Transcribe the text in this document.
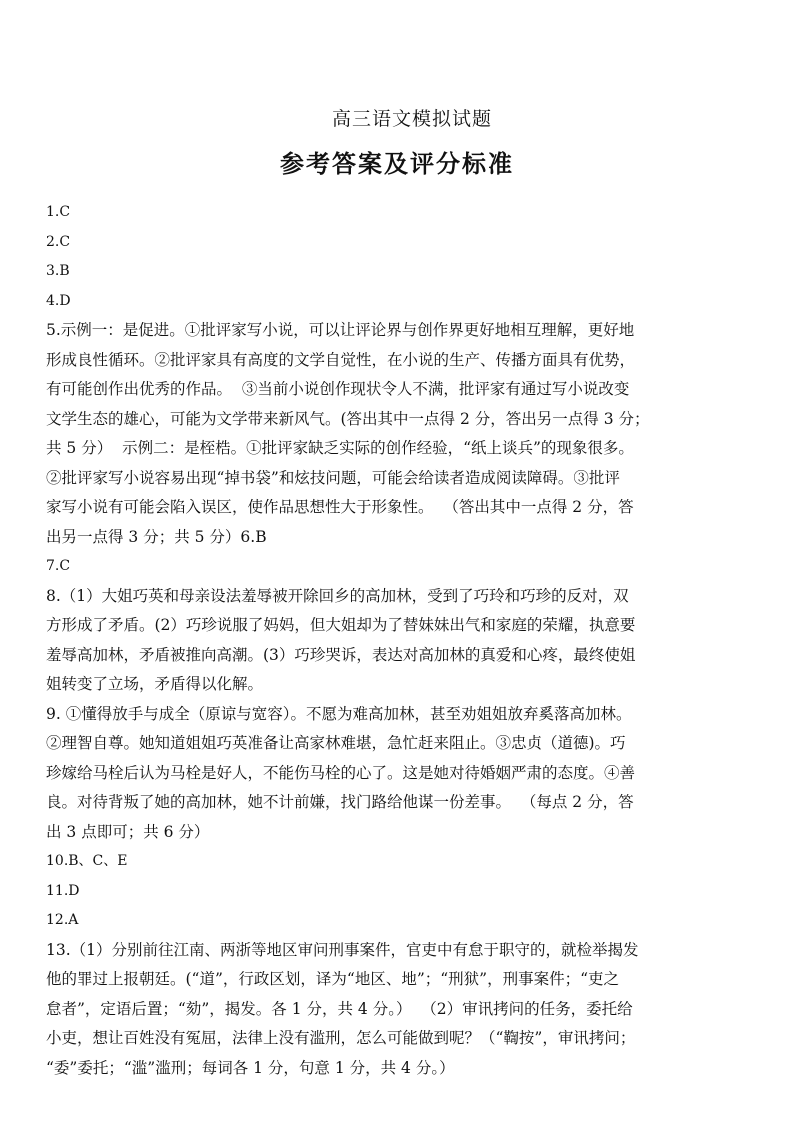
高三语文模拟试题
参考答案及评分标准
1.C
2.C
3.B
4.D
5.示例一：是促进。①批评家写小说，可以让评论界与创作界更好地相互理解，更好地
形成良性循环。②批评家具有高度的文学自觉性，在小说的生产、传播方面具有优势，
有可能创作出优秀的作品。  ③当前小说创作现状令人不满，批评家有通过写小说改变
文学生态的雄心，可能为文学带来新风气。(答出其中一点得 2 分，答出另一点得 3 分；
共 5 分）  示例二：是桎梏。①批评家缺乏实际的创作经验，“纸上谈兵”的现象很多。
②批评家写小说容易出现“掉书袋”和炫技问题，可能会给读者造成阅读障碍。③批评
家写小说有可能会陷入误区，使作品思想性大于形象性。  （答出其中一点得 2 分，答
出另一点得 3 分；共 5 分）6.B
7.C
8.（1）大姐巧英和母亲设法羞辱被开除回乡的高加林，受到了巧玲和巧珍的反对，双
方形成了矛盾。(2）巧珍说服了妈妈，但大姐却为了替妹妹出气和家庭的荣耀，执意要
羞辱高加林，矛盾被推向高潮。(3）巧珍哭诉，表达对高加林的真爱和心疼，最终使姐
姐转变了立场，矛盾得以化解。
9. ①懂得放手与成全（原谅与宽容）。不愿为难高加林，甚至劝姐姐放弃奚落高加林。
②理智自尊。她知道姐姐巧英准备让高家林难堪，急忙赶来阻止。③忠贞（道德)。巧
珍嫁给马栓后认为马栓是好人，不能伤马栓的心了。这是她对待婚姻严肃的态度。④善
良。对待背叛了她的高加林，她不计前嫌，找门路给他谋一份差事。  （每点 2 分，答
出 3 点即可；共 6 分）
10.B、C、E
11.D
12.A
13.（1）分别前往江南、两浙等地区审问刑事案件，官吏中有怠于职守的，就检举揭发
他的罪过上报朝廷。(“道”，行政区划，译为“地区、地”；“刑狱”，刑事案件；“吏之
怠者”，定语后置；“劾”，揭发。各 1 分，共 4 分。）  （2）审讯拷问的任务，委托给
小吏，想让百姓没有冤屈，法律上没有滥刑，怎么可能做到呢？（“鞫按”，审讯拷问；
“委”委托；“滥”滥刑；每词各 1 分，句意 1 分，共 4 分。）
